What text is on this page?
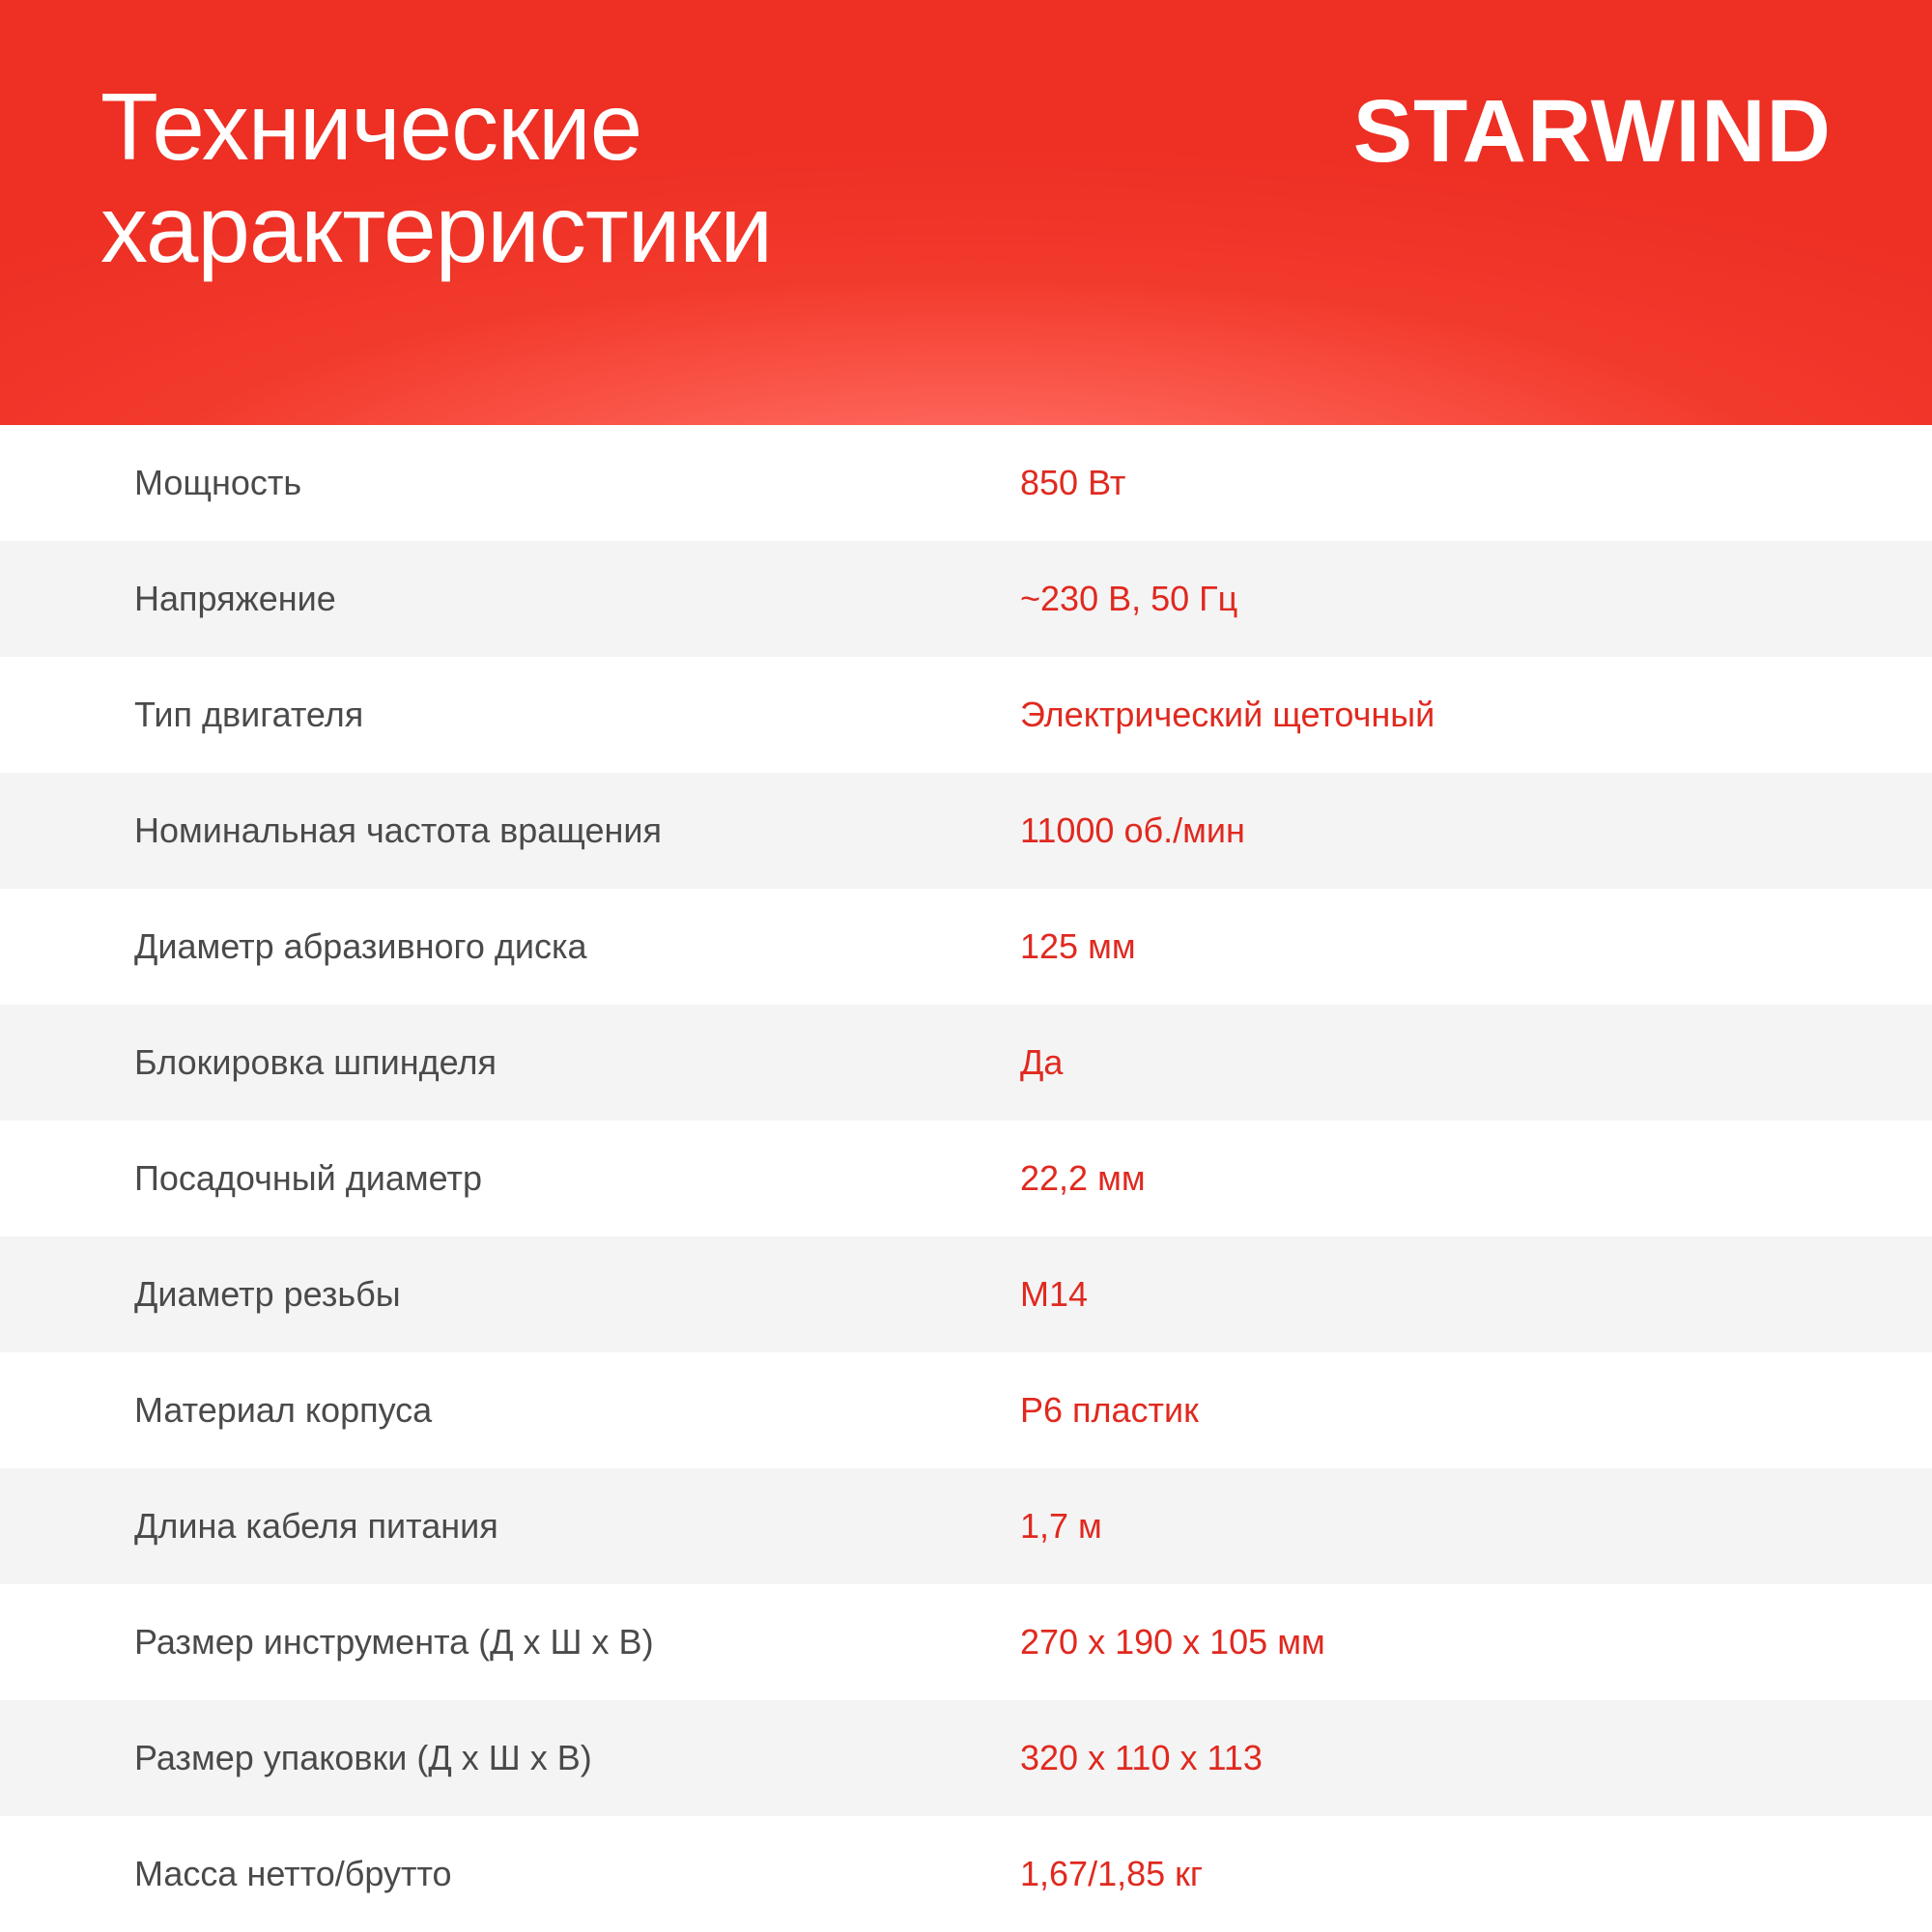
Технические
характеристики
STARWIND
Мощность	850 Вт
Напряжение	~230 В, 50 Гц
Тип двигателя	Электрический щеточный
Номинальная частота вращения	11000 об./мин
Диаметр абразивного диска	125 мм
Блокировка шпинделя	Да
Посадочный диаметр	22,2 мм
Диаметр резьбы	М14
Материал корпуса	Р6 пластик
Длина кабеля питания	1,7 м
Размер инструмента (Д х Ш х В)	270 х 190 х 105 мм
Размер упаковки (Д х Ш х В)	320 х 110 х 113
Масса нетто/брутто	1,67/1,85 кг
